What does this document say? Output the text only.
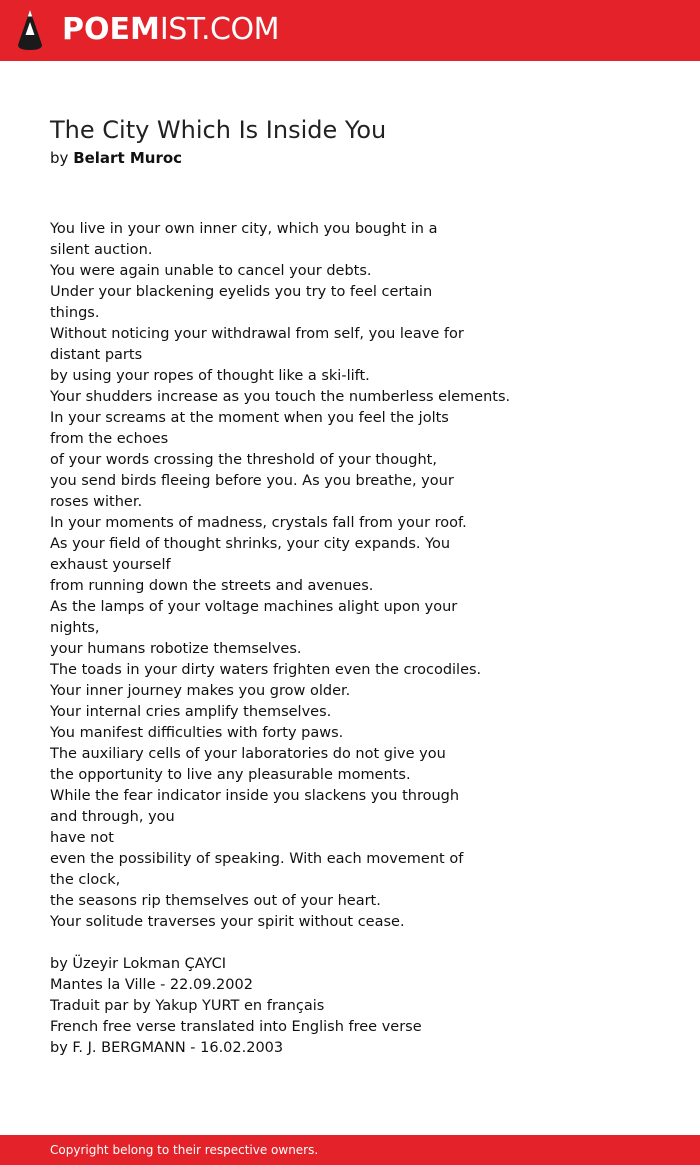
POEMIST.COM
The City Which Is Inside You
by Belart Muroc
You live in your own inner city, which you bought in a
silent auction.
You were again unable to cancel your debts.
Under your blackening eyelids you try to feel certain
things.
Without noticing your withdrawal from self, you leave for
distant parts
by using your ropes of thought like a ski-lift.
Your shudders increase as you touch the numberless elements.
In your screams at the moment when you feel the jolts
from the echoes
of your words crossing the threshold of your thought,
you send birds fleeing before you. As you breathe, your
roses wither.
In your moments of madness, crystals fall from your roof.
As your field of thought shrinks, your city expands. You
exhaust yourself
from running down the streets and avenues.
As the lamps of your voltage machines alight upon your
nights,
your humans robotize themselves.
The toads in your dirty waters frighten even the crocodiles.
Your inner journey makes you grow older.
Your internal cries amplify themselves.
You manifest difficulties with forty paws.
The auxiliary cells of your laboratories do not give you
the opportunity to live any pleasurable moments.
While the fear indicator inside you slackens you through
and through, you
have not
even the possibility of speaking. With each movement of
the clock,
the seasons rip themselves out of your heart.
Your solitude traverses your spirit without cease.
by Üzeyir Lokman ÇAYCI
Mantes la Ville - 22.09.2002
Traduit par by Yakup YURT en français
French free verse translated into English free verse
by F. J. BERGMANN - 16.02.2003
Copyright belong to their respective owners.
